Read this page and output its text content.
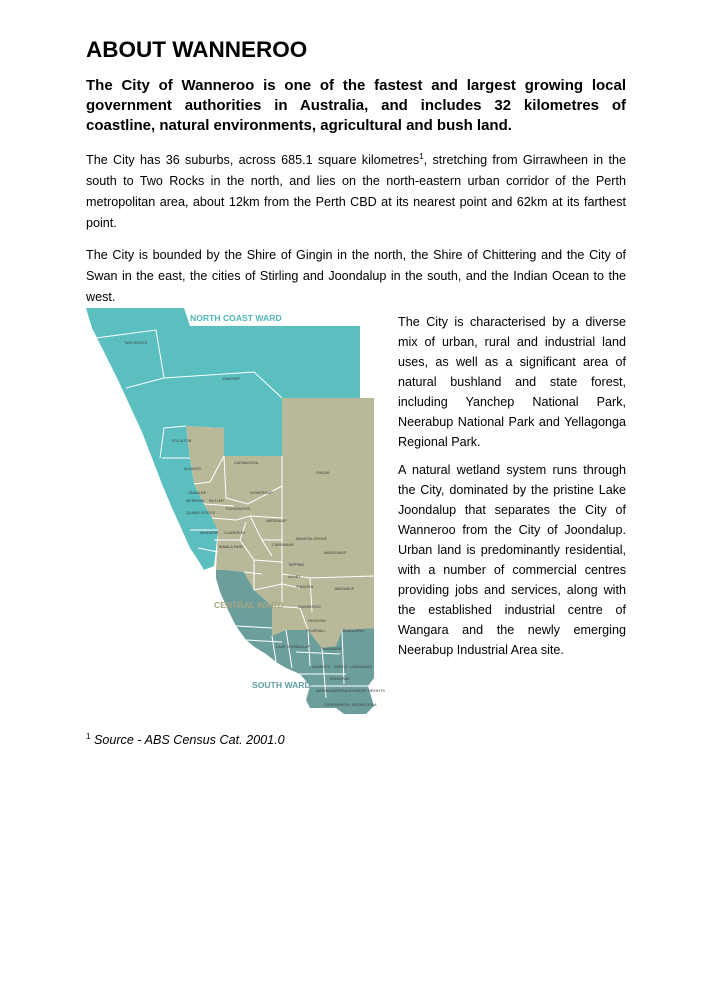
ABOUT WANNEROO
The City of Wanneroo is one of the fastest and largest growing local government authorities in Australia, and includes 32 kilometres of coastline, natural environments, agricultural and bush land.

The City has 36 suburbs, across 685.1 square kilometres$^1$, stretching from Girrawheen in the south to Two Rocks in the north, and lies on the north-eastern urban corridor of the Perth metropolitan area, about 12km from the Perth CBD at its nearest point and 62km at its farthest point.

The City is bounded by the Shire of Gingin in the north, the Shire of Chittering and the City of Swan in the east, the cities of Stirling and Joondalup in the south, and the Indian Ocean to the west.

NORTH COAST WARD
CENTRAL WARD
SOUTH WARD
TWO ROCKS
YANCHEP
EGLINTON
CARABOODA
ALKIMOS
PINJAR
NOWERGUP
JINDALEE
BUTLER
MERRIWA
RIDGEWOOD
QUINNS ROCKS
NEERABUP
MINDARIE CLARKSON
TAMALA PARK
BANKSIA GROVE
CARRAMAR
MARIGINIUP
TAPPING
ASHBY
SINAGRA	JANDABUP
WANNEROO
HOCKING
GNANGARA
PEARSALL
LAKE JOONDALUP	WANGARA
MADELEY DARCH LANDSDALE
KINGSWAY
MARANGAROO ALEXANDER HEIGHTS
GIRRAWHEEN KOONDOOLA

The City is characterised by a diverse mix of urban, rural and industrial land uses, as well as a significant area of natural bushland and state forest, including Yanchep National Park, Neerabup National Park and Yellagonga Regional Park.

A natural wetland system runs through the City, dominated by the pristine Lake Joondalup that separates the City of Wanneroo from the City of Joondalup. Urban land is predominantly residential, with a number of commercial centres providing jobs and services, along with the established industrial centre of Wangara and the newly emerging Neerabup Industrial Area site.

$^1$ Source - ABS Census Cat. 2001.0
